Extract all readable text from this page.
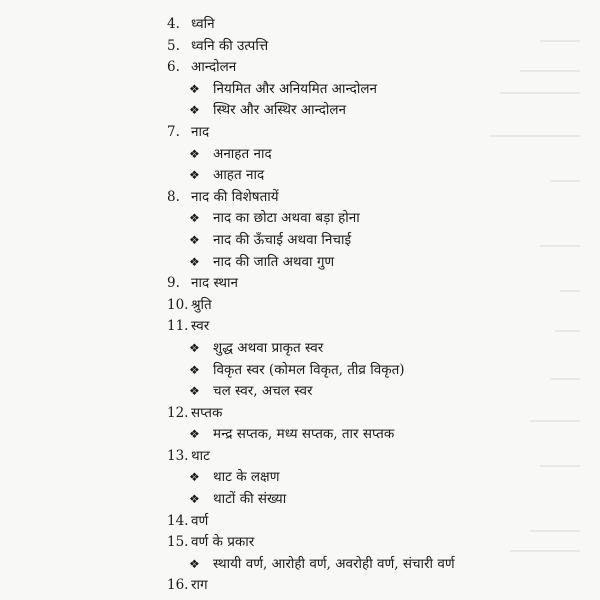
4. ध्वनि
5. ध्वनि की उत्पत्ति
6. आन्दोलन
❖ नियमित और अनियमित आन्दोलन
❖ स्थिर और अस्थिर आन्दोलन
7. नाद
❖ अनाहत नाद
❖ आहत नाद
8. नाद की विशेषतायें
❖ नाद का छोटा अथवा बड़ा होना
❖ नाद की ऊँचाई अथवा निचाई
❖ नाद की जाति अथवा गुण
9. नाद स्थान
10. श्रुति
11. स्वर
❖ शुद्ध अथवा प्राकृत स्वर
❖ विकृत स्वर (कोमल विकृत, तीव्र विकृत)
❖ चल स्वर, अचल स्वर
12. सप्तक
❖ मन्द्र सप्तक, मध्य सप्तक, तार सप्तक
13. थाट
❖ थाट के लक्षण
❖ थाटों की संख्या
14. वर्ण
15. वर्ण के प्रकार
❖ स्थायी वर्ण, आरोही वर्ण, अवरोही वर्ण, संचारी वर्ण
16. राग
